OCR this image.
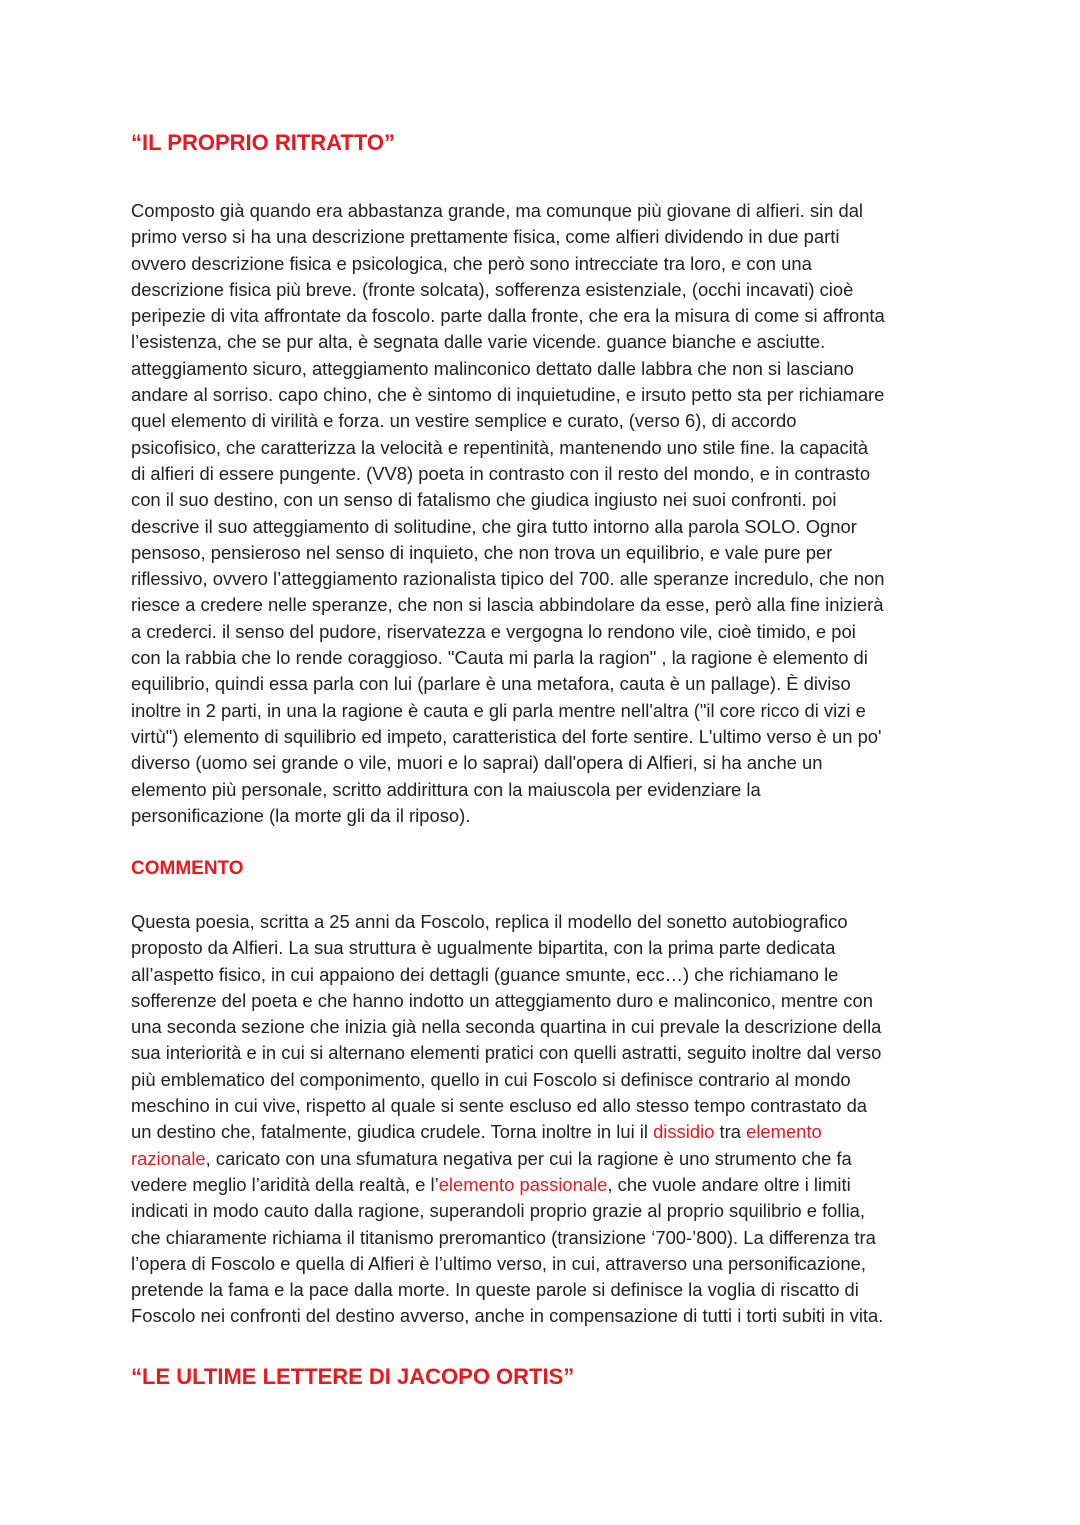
“IL PROPRIO RITRATTO”

Composto già quando era abbastanza grande, ma comunque più giovane di alfieri. sin dal
primo verso si ha una descrizione prettamente fisica, come alfieri dividendo in due parti
ovvero descrizione fisica e psicologica, che però sono intrecciate tra loro, e con una
descrizione fisica più breve. (fronte solcata), sofferenza esistenziale, (occhi incavati) cioè
peripezie di vita affrontate da foscolo. parte dalla fronte, che era la misura di come si affronta
l’esistenza, che se pur alta, è segnata dalle varie vicende. guance bianche e asciutte.
atteggiamento sicuro, atteggiamento malinconico dettato dalle labbra che non si lasciano
andare al sorriso. capo chino, che è sintomo di inquietudine, e irsuto petto sta per richiamare
quel elemento di virilità e forza. un vestire semplice e curato, (verso 6), di accordo
psicofisico, che caratterizza la velocità e repentinità, mantenendo uno stile fine. la capacità
di alfieri di essere pungente. (VV8) poeta in contrasto con il resto del mondo, e in contrasto
con il suo destino, con un senso di fatalismo che giudica ingiusto nei suoi confronti. poi
descrive il suo atteggiamento di solitudine, che gira tutto intorno alla parola SOLO. Ognor
pensoso, pensieroso nel senso di inquieto, che non trova un equilibrio, e vale pure per
riflessivo, ovvero l’atteggiamento razionalista tipico del 700. alle speranze incredulo, che non
riesce a credere nelle speranze, che non si lascia abbindolare da esse, però alla fine inizierà
a crederci. il senso del pudore, riservatezza e vergogna lo rendono vile, cioè timido, e poi
con la rabbia che lo rende coraggioso. "Cauta mi parla la ragion" , la ragione è elemento di
equilibrio, quindi essa parla con lui (parlare è una metafora, cauta è un pallage). È diviso
inoltre in 2 parti, in una la ragione è cauta e gli parla mentre nell'altra ("il core ricco di vizi e
virtù") elemento di squilibrio ed impeto, caratteristica del forte sentire. L'ultimo verso è un po'
diverso (uomo sei grande o vile, muori e lo saprai) dall'opera di Alfieri, si ha anche un
elemento più personale, scritto addirittura con la maiuscola per evidenziare la
personificazione (la morte gli da il riposo).

COMMENTO

Questa poesia, scritta a 25 anni da Foscolo, replica il modello del sonetto autobiografico
proposto da Alfieri. La sua struttura è ugualmente bipartita, con la prima parte dedicata
all’aspetto fisico, in cui appaiono dei dettagli (guance smunte, ecc…) che richiamano le
sofferenze del poeta e che hanno indotto un atteggiamento duro e malinconico, mentre con
una seconda sezione che inizia già nella seconda quartina in cui prevale la descrizione della
sua interiorità e in cui si alternano elementi pratici con quelli astratti, seguito inoltre dal verso
più emblematico del componimento, quello in cui Foscolo si definisce contrario al mondo
meschino in cui vive, rispetto al quale si sente escluso ed allo stesso tempo contrastato da
un destino che, fatalmente, giudica crudele. Torna inoltre in lui il dissidio tra elemento
razionale, caricato con una sfumatura negativa per cui la ragione è uno strumento che fa
vedere meglio l’aridità della realtà, e l’elemento passionale, che vuole andare oltre i limiti
indicati in modo cauto dalla ragione, superandoli proprio grazie al proprio squilibrio e follia,
che chiaramente richiama il titanismo preromantico (transizione ‘700-’800). La differenza tra
l’opera di Foscolo e quella di Alfieri è l’ultimo verso, in cui, attraverso una personificazione,
pretende la fama e la pace dalla morte. In queste parole si definisce la voglia di riscatto di
Foscolo nei confronti del destino avverso, anche in compensazione di tutti i torti subiti in vita.

“LE ULTIME LETTERE DI JACOPO ORTIS”
